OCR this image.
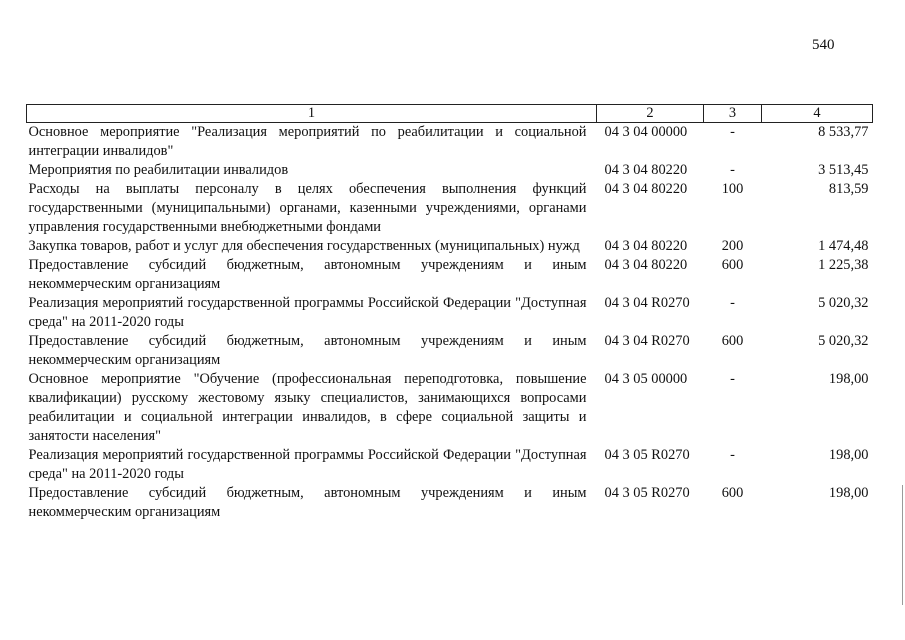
540
1	2	3	4
Основное мероприятие "Реализация мероприятий по реабилитации и социальной интеграции инвалидов"	04 3 04 00000	-	8 533,77
Мероприятия по реабилитации инвалидов	04 3 04 80220	-	3 513,45
Расходы на выплаты персоналу в целях обеспечения выполнения функций государственными (муниципальными) органами, казенными учреждениями, органами управления государственными внебюджетными фондами	04 3 04 80220	100	813,59
Закупка товаров, работ и услуг для обеспечения государственных (муниципальных) нужд	04 3 04 80220	200	1 474,48
Предоставление субсидий бюджетным, автономным учреждениям и иным некоммерческим организациям	04 3 04 80220	600	1 225,38
Реализация мероприятий государственной программы Российской Федерации "Доступная среда" на 2011-2020 годы	04 3 04 R0270	-	5 020,32
Предоставление субсидий бюджетным, автономным учреждениям и иным некоммерческим организациям	04 3 04 R0270	600	5 020,32
Основное мероприятие "Обучение (профессиональная переподготовка, повышение квалификации) русскому жестовому языку специалистов, занимающихся вопросами реабилитации и социальной интеграции инвалидов, в сфере социальной защиты и занятости населения"	04 3 05 00000	-	198,00
Реализация мероприятий государственной программы Российской Федерации "Доступная среда" на 2011-2020 годы	04 3 05 R0270	-	198,00
Предоставление субсидий бюджетным, автономным учреждениям и иным некоммерческим организациям	04 3 05 R0270	600	198,00
